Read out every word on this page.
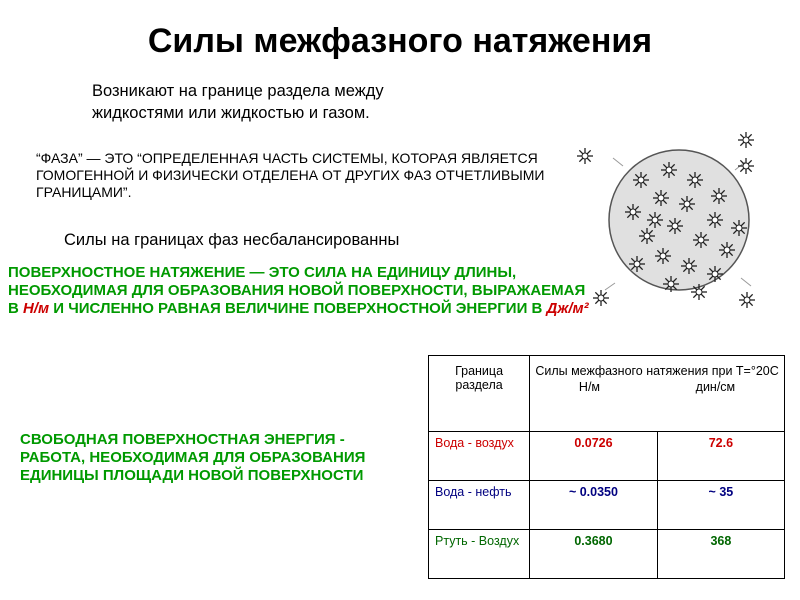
Силы межфазного натяжения
Возникают на границе раздела между жидкостями или жидкостью и газом.
“ФАЗА” — ЭТО “ОПРЕДЕЛЕННАЯ ЧАСТЬ СИСТЕМЫ, КОТОРАЯ ЯВЛЯЕТСЯ ГОМОГЕННОЙ И ФИЗИЧЕСКИ ОТДЕЛЕНА ОТ ДРУГИХ ФАЗ ОТЧЕТЛИВЫМИ ГРАНИЦАМИ”.
Силы на границах фаз несбалансированны
ПОВЕРХНОСТНОЕ НАТЯЖЕНИЕ — ЭТО СИЛА НА ЕДИНИЦУ ДЛИНЫ, НЕОБХОДИМАЯ ДЛЯ ОБРАЗОВАНИЯ НОВОЙ ПОВЕРХНОСТИ, ВЫРАЖАЕМАЯ В Н/м И ЧИСЛЕННО РАВНАЯ ВЕЛИЧИНЕ ПОВЕРХНОСТНОЙ ЭНЕРГИИ В Дж/м²
СВОБОДНАЯ ПОВЕРХНОСТНАЯ ЭНЕРГИЯ - РАБОТА, НЕОБХОДИМАЯ ДЛЯ ОБРАЗОВАНИЯ ЕДИНИЦЫ ПЛОЩАДИ НОВОЙ ПОВЕРХНОСТИ
Граница раздела	Силы межфазного натяжения при T=°20C
Н/м дин/см	

Вода - воздух	0.0726	72.6
Вода - нефть	~ 0.0350	~ 35
Ртуть - Воздух	0.3680	368
